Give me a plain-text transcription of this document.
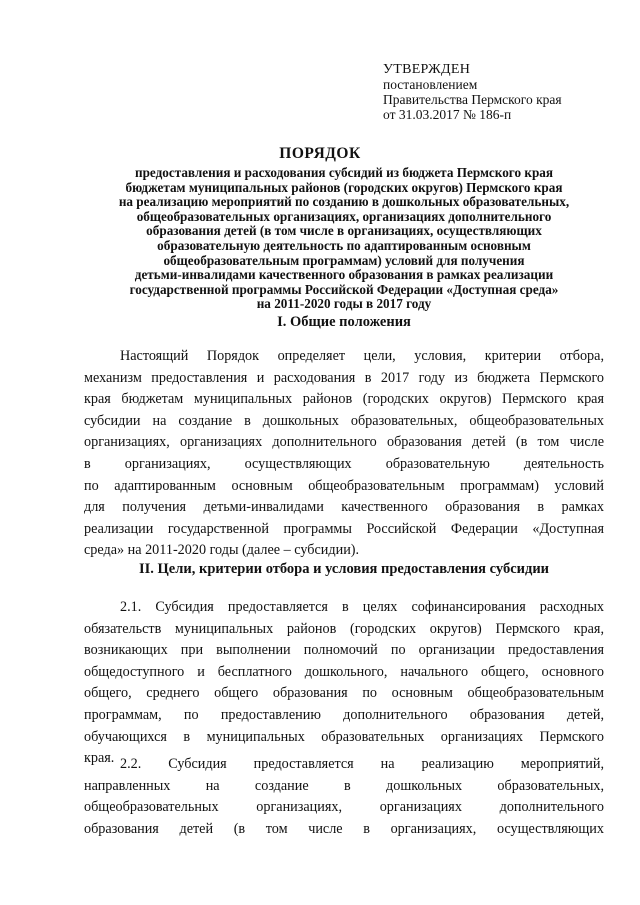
УТВЕРЖДЕН
постановлением
Правительства Пермского края
от 31.03.2017 № 186-п
ПОРЯДОК
предоставления и расходования субсидий из бюджета Пермского края
бюджетам муниципальных районов (городских округов) Пермского края
на реализацию мероприятий по созданию в дошкольных образовательных,
общеобразовательных организациях, организациях дополнительного
образования детей (в том числе в организациях, осуществляющих
образовательную деятельность по адаптированным основным
общеобразовательным программам) условий для получения
детьми-инвалидами качественного образования в рамках реализации
государственной программы Российской Федерации «Доступная среда»
на 2011-2020 годы в 2017 году
I. Общие положения
Настоящий Порядок определяет цели, условия, критерии отбора,
механизм предоставления и расходования в 2017 году из бюджета Пермского
края бюджетам муниципальных районов (городских округов) Пермского края
субсидии на создание в дошкольных образовательных, общеобразовательных
организациях, организациях дополнительного образования детей (в том числе
в организациях, осуществляющих образовательную деятельность
по адаптированным основным общеобразовательным программам) условий
для получения детьми-инвалидами качественного образования в рамках
реализации государственной программы Российской Федерации «Доступная
среда» на 2011-2020 годы (далее – субсидии).
II. Цели, критерии отбора и условия предоставления субсидии
2.1. Субсидия предоставляется в целях софинансирования расходных
обязательств муниципальных районов (городских округов) Пермского края,
возникающих при выполнении полномочий по организации предоставления
общедоступного и бесплатного дошкольного, начального общего, основного
общего, среднего общего образования по основным общеобразовательным
программам, по предоставлению дополнительного образования детей,
обучающихся в муниципальных образовательных организациях Пермского
края. 2.2. Субсидия предоставляется на реализацию мероприятий,
направленных на создание в дошкольных образовательных,
общеобразовательных организациях, организациях дополнительного
образования детей (в том числе в организациях, осуществляющих
